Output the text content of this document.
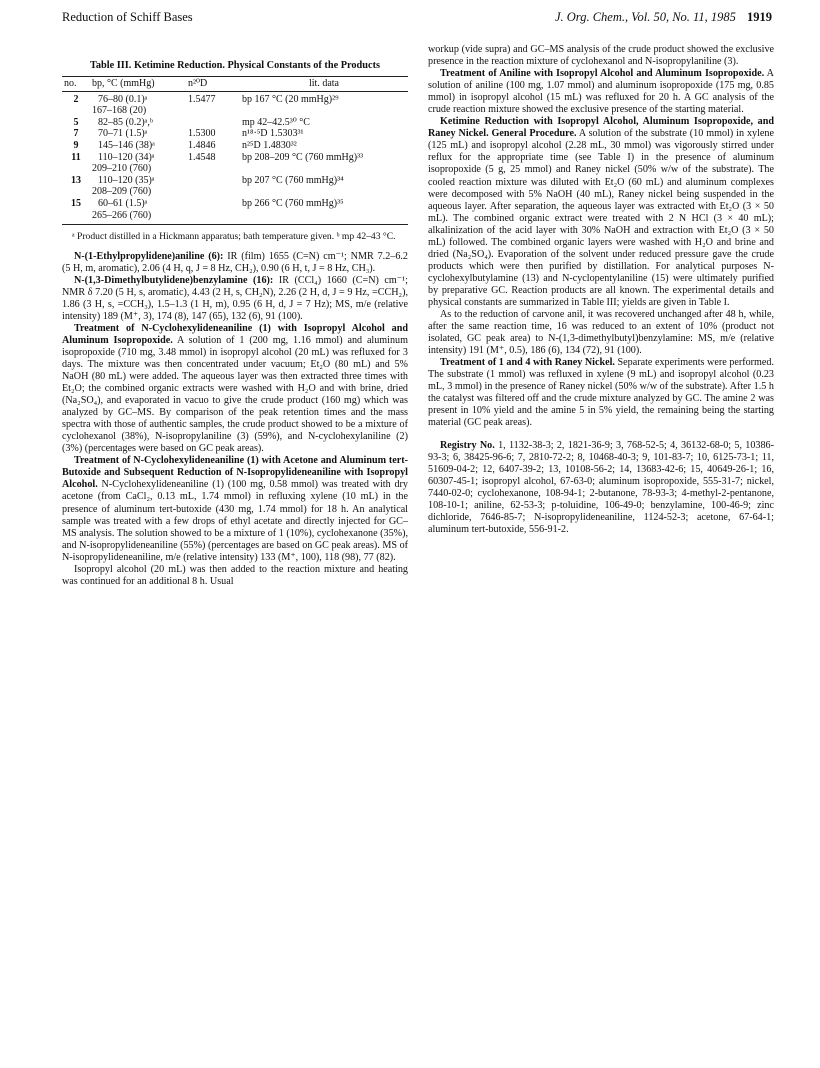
Reduction of Schiff Bases	J. Org. Chem., Vol. 50, No. 11, 1985 1919
Table III. Ketimine Reduction. Physical Constants of the Products
no.	bp, °C (mmHg)	n²⁰D	lit. data
2	76–80 (0.1)ᵃ
167–168 (20)	1.5477	bp 167 °C (20 mmHg)²⁹
5	82–85 (0.2)ᵃ,ᵇ		mp 42–42.5³⁰ °C
7	70–71 (1.5)ᵃ	1.5300	n¹⁸·⁵D 1.5303³¹
9	145–146 (38)ᵃ	1.4846	n²⁵D 1.4830³²
11	110–120 (34)ᵃ
209–210 (760)	1.4548	bp 208–209 °C (760 mmHg)³³
13	110–120 (35)ᵃ
208–209 (760)		bp 207 °C (760 mmHg)³⁴
15	60–61 (1.5)ᵃ
265–266 (760)		bp 266 °C (760 mmHg)³⁵
ᵃ Product distilled in a Hickmann apparatus; bath temperature given. ᵇ mp 42–43 °C.

N-(1-Ethylpropylidene)aniline (6): IR (film) 1655 (C=N) cm⁻¹; NMR 7.2–6.2 (5 H, m, aromatic), 2.06 (4 H, q, J = 8 Hz, CH₂), 0.90 (6 H, t, J = 8 Hz, CH₃).

N-(1,3-Dimethylbutylidene)benzylamine (16): IR (CCl₄) 1660 (C=N) cm⁻¹; NMR δ 7.20 (5 H, s, aromatic), 4.43 (2 H, s, CH₂N), 2.26 (2 H, d, J = 9 Hz, =CCH₂), 1.86 (3 H, s, =CCH₃), 1.5–1.3 (1 H, m), 0.95 (6 H, d, J = 7 Hz); MS, m/e (relative intensity) 189 (M⁺, 3), 174 (8), 147 (65), 132 (6), 91 (100).

Treatment of N-Cyclohexylideneaniline (1) with Isopropyl Alcohol and Aluminum Isopropoxide. A solution of 1 (200 mg, 1.16 mmol) and aluminum isopropoxide (710 mg, 3.48 mmol) in isopropyl alcohol (20 mL) was refluxed for 3 days. The mixture was then concentrated under vacuum; Et₂O (80 mL) and 5% NaOH (80 mL) were added. The aqueous layer was then extracted three times with Et₂O; the combined organic extracts were washed with H₂O and with brine, dried (Na₂SO₄), and evaporated in vacuo to give the crude product (160 mg) which was analyzed by GC–MS. By comparison of the peak retention times and the mass spectra with those of authentic samples, the crude product showed to be a mixture of cyclohexanol (38%), N-isopropylaniline (3) (59%), and N-cyclohexylaniline (2) (3%) (percentages were based on GC peak areas).

Treatment of N-Cyclohexylideneaniline (1) with Acetone and Aluminum tert-Butoxide and Subsequent Reduction of N-Isopropylideneaniline with Isopropyl Alcohol. N-Cyclohexylideneaniline (1) (100 mg, 0.58 mmol) was treated with dry acetone (from CaCl₂, 0.13 mL, 1.74 mmol) in refluxing xylene (10 mL) in the presence of aluminum tert-butoxide (430 mg, 1.74 mmol) for 18 h. An analytical sample was treated with a few drops of ethyl acetate and directly injected for GC–MS analysis. The solution showed to be a mixture of 1 (10%), cyclohexanone (35%), and N-isopropylideneaniline (55%) (percentages are based on GC peak areas). MS of N-isopropylideneaniline, m/e (relative intensity) 133 (M⁺, 100), 118 (98), 77 (82).

Isopropyl alcohol (20 mL) was then added to the reaction mixture and heating was continued for an additional 8 h. Usual

workup (vide supra) and GC–MS analysis of the crude product showed the exclusive presence in the reaction mixture of cyclohexanol and N-isopropylaniline (3).

Treatment of Aniline with Isopropyl Alcohol and Aluminum Isopropoxide. A solution of aniline (100 mg, 1.07 mmol) and aluminum isopropoxide (175 mg, 0.85 mmol) in isopropyl alcohol (15 mL) was refluxed for 20 h. A GC analysis of the crude reaction mixture showed the exclusive presence of the starting material.

Ketimine Reduction with Isopropyl Alcohol, Aluminum Isopropoxide, and Raney Nickel. General Procedure. A solution of the substrate (10 mmol) in xylene (125 mL) and isopropyl alcohol (2.28 mL, 30 mmol) was vigorously stirred under reflux for the appropriate time (see Table I) in the presence of aluminum isopropoxide (5 g, 25 mmol) and Raney nickel (50% w/w of the substrate). The cooled reaction mixture was diluted with Et₂O (60 mL) and aluminum complexes were decomposed with 5% NaOH (40 mL), Raney nickel being suspended in the aqueous layer. After separation, the aqueous layer was extracted with Et₂O (3 × 50 mL). The combined organic extract were treated with 2 N HCl (3 × 40 mL); alkalinization of the acid layer with 30% NaOH and extraction with Et₂O (3 × 50 mL) followed. The combined organic layers were washed with H₂O and brine and dried (Na₂SO₄). Evaporation of the solvent under reduced pressure gave the crude products which were then purified by distillation. For analytical purposes N-cyclohexylbutylamine (13) and N-cyclopentylaniline (15) were ultimately purified by preparative GC. Reaction products are all known. The experimental details and physical constants are summarized in Table III; yields are given in Table I.

As to the reduction of carvone anil, it was recovered unchanged after 48 h, while, after the same reaction time, 16 was reduced to an extent of 10% (product not isolated, GC peak area) to N-(1,3-dimethylbutyl)benzylamine: MS, m/e (relative intensity) 191 (M⁺, 0.5), 186 (6), 134 (72), 91 (100).

Treatment of 1 and 4 with Raney Nickel. Separate experiments were performed. The substrate (1 mmol) was refluxed in xylene (9 mL) and isopropyl alcohol (0.23 mL, 3 mmol) in the presence of Raney nickel (50% w/w of the substrate). After 1.5 h the catalyst was filtered off and the crude mixture analyzed by GC. The amine 2 was present in 10% yield and the amine 5 in 5% yield, the remaining being the starting material (GC peak areas).

Registry No. 1, 1132-38-3; 2, 1821-36-9; 3, 768-52-5; 4, 36132-68-0; 5, 10386-93-3; 6, 38425-96-6; 7, 2810-72-2; 8, 10468-40-3; 9, 101-83-7; 10, 6125-73-1; 11, 51609-04-2; 12, 6407-39-2; 13, 10108-56-2; 14, 13683-42-6; 15, 40649-26-1; 16, 60307-45-1; isopropyl alcohol, 67-63-0; aluminum isopropoxide, 555-31-7; nickel, 7440-02-0; cyclohexanone, 108-94-1; 2-butanone, 78-93-3; 4-methyl-2-pentanone, 108-10-1; aniline, 62-53-3; p-toluidine, 106-49-0; benzylamine, 100-46-9; zinc dichloride, 7646-85-7; N-isopropylideneaniline, 1124-52-3; acetone, 67-64-1; aluminum tert-butoxide, 556-91-2.
